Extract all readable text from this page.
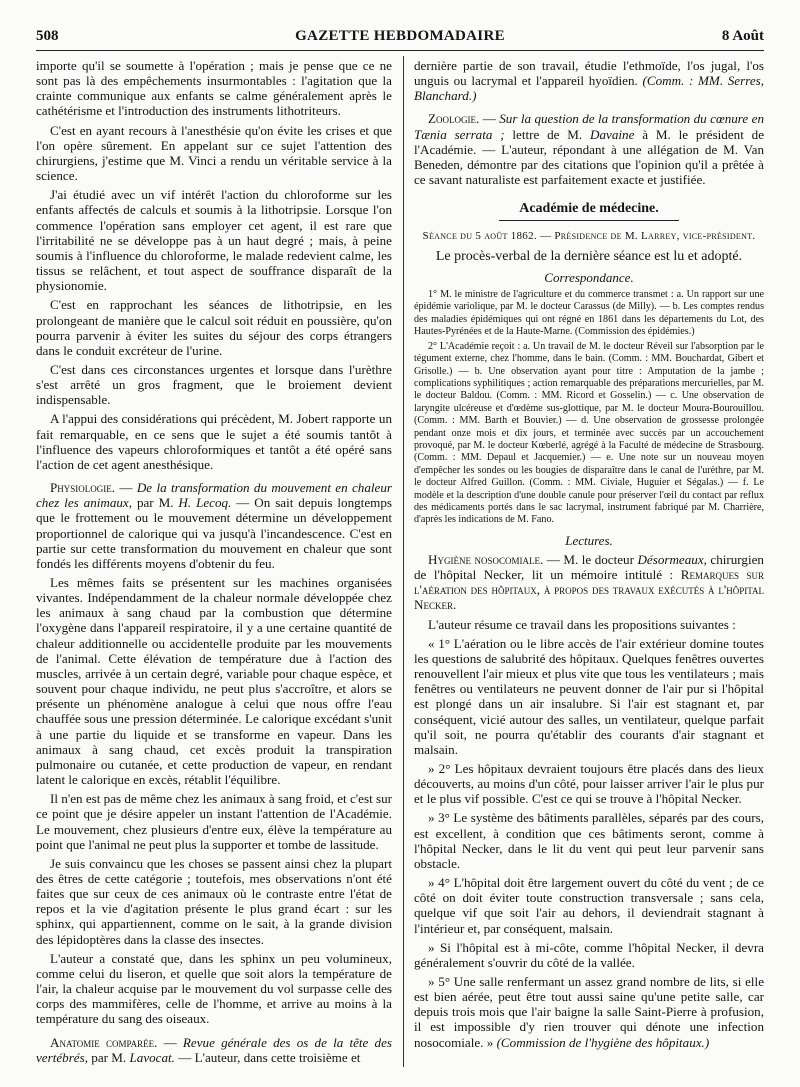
508	GAZETTE HEBDOMADAIRE	8 Août

importe qu'il se soumette à l'opération ; mais je pense que ce ne sont pas là des empêchements insurmontables : l'agitation que la crainte communique aux enfants se calme généralement après le cathétérisme et l'introduction des instruments lithotriteurs.

C'est en ayant recours à l'anesthésie qu'on évite les crises et que l'on opère sûrement. En appelant sur ce sujet l'attention des chirurgiens, j'estime que M. Vinci a rendu un véritable service à la science.

J'ai étudié avec un vif intérêt l'action du chloroforme sur les enfants affectés de calculs et soumis à la lithotripsie. Lorsque l'on commence l'opération sans employer cet agent, il est rare que l'irritabilité ne se développe pas à un haut degré ; mais, à peine soumis à l'influence du chloroforme, le malade redevient calme, les tissus se relâchent, et tout aspect de souffrance disparaît de la physionomie.

C'est en rapprochant les séances de lithotripsie, en les prolongeant de manière que le calcul soit réduit en poussière, qu'on pourra parvenir à éviter les suites du séjour des corps étrangers dans le conduit excréteur de l'urine.

C'est dans ces circonstances urgentes et lorsque dans l'urèthre s'est arrêté un gros fragment, que le broiement devient indispensable.

A l'appui des considérations qui précèdent, M. Jobert rapporte un fait remarquable, en ce sens que le sujet a été soumis tantôt à l'influence des vapeurs chloroformiques et tantôt a été opéré sans l'action de cet agent anesthésique.

Physiologie. — De la transformation du mouvement en chaleur chez les animaux, par M. H. Lecoq. — On sait depuis longtemps que le frottement ou le mouvement détermine un développement proportionnel de calorique qui va jusqu'à l'incandescence. C'est en partie sur cette transformation du mouvement en chaleur que sont fondés les différents moyens d'obtenir du feu.

Les mêmes faits se présentent sur les machines organisées vivantes. Indépendamment de la chaleur normale développée chez les animaux à sang chaud par la combustion que détermine l'oxygène dans l'appareil respiratoire, il y a une certaine quantité de chaleur additionnelle ou accidentelle produite par les mouvements de l'animal. Cette élévation de température due à l'action des muscles, arrivée à un certain degré, variable pour chaque espèce, et souvent pour chaque individu, ne peut plus s'accroître, et alors se présente un phénomène analogue à celui que nous offre l'eau chauffée sous une pression déterminée. Le calorique excédant s'unit à une partie du liquide et se transforme en vapeur. Dans les animaux à sang chaud, cet excès produit la transpiration pulmonaire ou cutanée, et cette production de vapeur, en rendant latent le calorique en excès, rétablit l'équilibre.

Il n'en est pas de même chez les animaux à sang froid, et c'est sur ce point que je désire appeler un instant l'attention de l'Académie. Le mouvement, chez plusieurs d'entre eux, élève la température au point que l'animal ne peut plus la supporter et tombe de lassitude.

Je suis convaincu que les choses se passent ainsi chez la plupart des êtres de cette catégorie ; toutefois, mes observations n'ont été faites que sur ceux de ces animaux où le contraste entre l'état de repos et la vie d'agitation présente le plus grand écart : sur les sphinx, qui appartiennent, comme on le sait, à la grande division des lépidoptères dans la classe des insectes.

L'auteur a constaté que, dans les sphinx un peu volumineux, comme celui du liseron, et quelle que soit alors la température de l'air, la chaleur acquise par le mouvement du vol surpasse celle des corps des mammifères, celle de l'homme, et arrive au moins à la température du sang des oiseaux.

Anatomie comparée. — Revue générale des os de la tête des vertébrés, par M. Lavocat. — L'auteur, dans cette troisième et

dernière partie de son travail, étudie l'ethmoïde, l'os jugal, l'os unguis ou lacrymal et l'appareil hyoïdien. (Comm. : MM. Serres, Blanchard.)

Zoologie. — Sur la question de la transformation du cœnure en Tænia serrata ; lettre de M. Davaine à M. le président de l'Académie. — L'auteur, répondant à une allégation de M. Van Beneden, démontre par des citations que l'opinion qu'il a prêtée à ce savant naturaliste est parfaitement exacte et justifiée.

Académie de médecine.
Séance du 5 août 1862. — Présidence de M. Larrey, vice-président.

Le procès-verbal de la dernière séance est lu et adopté.

Correspondance.

1° M. le ministre de l'agriculture et du commerce transmet : a. Un rapport sur une épidémie variolique, par M. le docteur Carassus (de Milly). — b. Les comptes rendus des maladies épidémiques qui ont régné en 1861 dans les départements du Lot, des Hautes-Pyrénées et de la Haute-Marne. (Commission des épidémies.)

2° L'Académie reçoit : a. Un travail de M. le docteur Réveil sur l'absorption par le tégument externe, chez l'homme, dans le bain. (Comm. : MM. Bouchardat, Gibert et Grisolle.) — b. Une observation ayant pour titre : Amputation de la jambe ; complications syphilitiques ; action remarquable des préparations mercurielles, par M. le docteur Baldou. (Comm. : MM. Ricord et Gosselin.) — c. Une observation de laryngite ulcéreuse et d'œdème sus-glottique, par M. le docteur Moura-Bourouillou. (Comm. : MM. Barth et Bouvier.) — d. Une observation de grossesse prolongée pendant onze mois et dix jours, et terminée avec succès par un accouchement provoqué, par M. le docteur Kœberlé, agrégé à la Faculté de médecine de Strasbourg. (Comm. : MM. Depaul et Jacquemier.) — e. Une note sur un nouveau moyen d'empêcher les sondes ou les bougies de disparaître dans le canal de l'urèthre, par M. le docteur Alfred Guillon. (Comm. : MM. Civiale, Huguier et Ségalas.) — f. Le modèle et la description d'une double canule pour préserver l'œil du contact par reflux des médicaments portés dans le sac lacrymal, instrument fabriqué par M. Charrière, d'après les indications de M. Fano.

Lectures.

Hygiène nosocomiale. — M. le docteur Désormeaux, chirurgien de l'hôpital Necker, lit un mémoire intitulé : Remarques sur l'aération des hôpitaux, à propos des travaux exécutés à l'hôpital Necker.

L'auteur résume ce travail dans les propositions suivantes :

« 1° L'aération ou le libre accès de l'air extérieur domine toutes les questions de salubrité des hôpitaux. Quelques fenêtres ouvertes renouvellent l'air mieux et plus vite que tous les ventilateurs ; mais fenêtres ou ventilateurs ne peuvent donner de l'air pur si l'hôpital est plongé dans un air insalubre. Si l'air est stagnant et, par conséquent, vicié autour des salles, un ventilateur, quelque parfait qu'il soit, ne pourra qu'établir des courants d'air stagnant et malsain.

» 2° Les hôpitaux devraient toujours être placés dans des lieux découverts, au moins d'un côté, pour laisser arriver l'air le plus pur et le plus vif possible. C'est ce qui se trouve à l'hôpital Necker.

» 3° Le système des bâtiments parallèles, séparés par des cours, est excellent, à condition que ces bâtiments seront, comme à l'hôpital Necker, dans le lit du vent qui peut leur parvenir sans obstacle.

» 4° L'hôpital doit être largement ouvert du côté du vent ; de ce côté on doit éviter toute construction transversale ; sans cela, quelque vif que soit l'air au dehors, il deviendrait stagnant à l'intérieur et, par conséquent, malsain.

» Si l'hôpital est à mi-côte, comme l'hôpital Necker, il devra généralement s'ouvrir du côté de la vallée.

» 5° Une salle renfermant un assez grand nombre de lits, si elle est bien aérée, peut être tout aussi saine qu'une petite salle, car depuis trois mois que l'air baigne la salle Saint-Pierre à profusion, il est impossible d'y rien trouver qui dénote une infection nosocomiale. » (Commission de l'hygiène des hôpitaux.)
